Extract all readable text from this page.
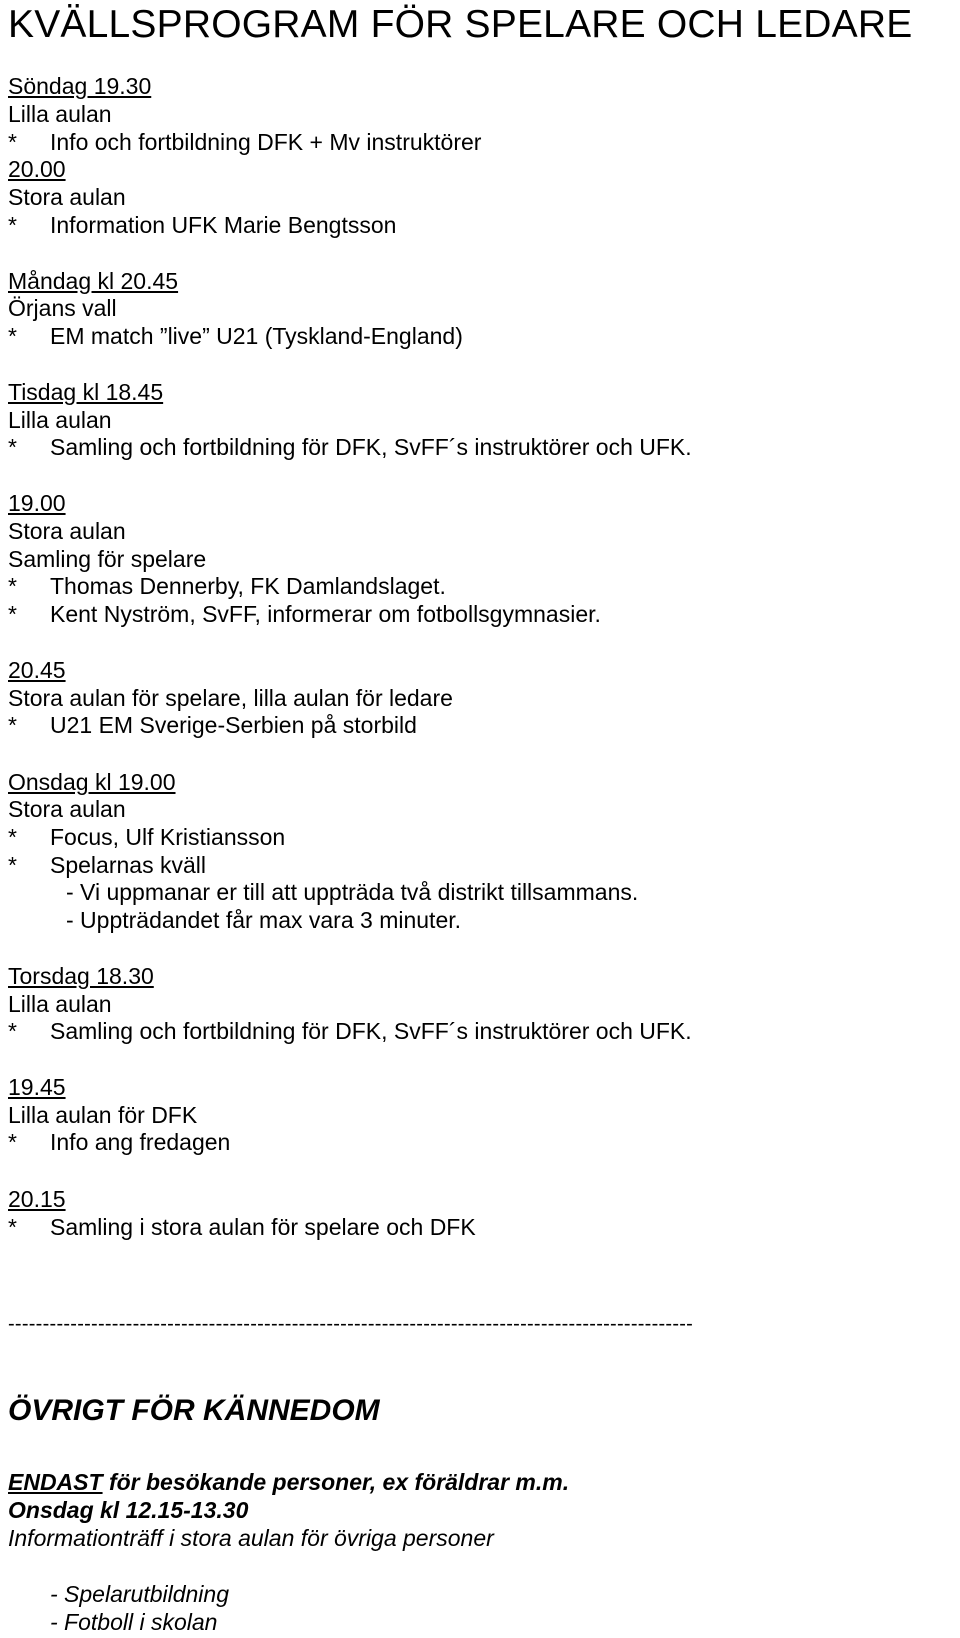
KVÄLLSPROGRAM FÖR SPELARE OCH LEDARE
Söndag 19.30
Lilla aulan
* Info och fortbildning DFK + Mv instruktörer
20.00
Stora aulan
* Information UFK Marie Bengtsson
Måndag kl 20.45
Örjans vall
* EM match ”live” U21 (Tyskland-England)
Tisdag kl 18.45
Lilla aulan
* Samling och fortbildning för DFK, SvFF´s instruktörer och UFK.
19.00
Stora aulan
Samling för spelare
* Thomas Dennerby, FK Damlandslaget.
* Kent Nyström, SvFF, informerar om fotbollsgymnasier.
20.45
Stora aulan för spelare, lilla aulan för ledare
* U21 EM Sverige-Serbien på storbild
Onsdag kl 19.00
Stora aulan
* Focus, Ulf Kristiansson
* Spelarnas kväll
- Vi uppmanar er till att uppträda två distrikt tillsammans.
- Uppträdandet får max vara 3 minuter.
Torsdag 18.30
Lilla aulan
* Samling och fortbildning för DFK, SvFF´s instruktörer och UFK.
19.45
Lilla aulan för DFK
* Info ang fredagen
20.15
* Samling i stora aulan för spelare och DFK
---------------------------------------------------------------------------------------------------
ÖVRIGT FÖR KÄNNEDOM
ENDAST för besökande personer, ex föräldrar m.m.
Onsdag kl 12.15-13.30
Informationträff i stora aulan för övriga personer
- Spelarutbildning
- Fotboll i skolan
